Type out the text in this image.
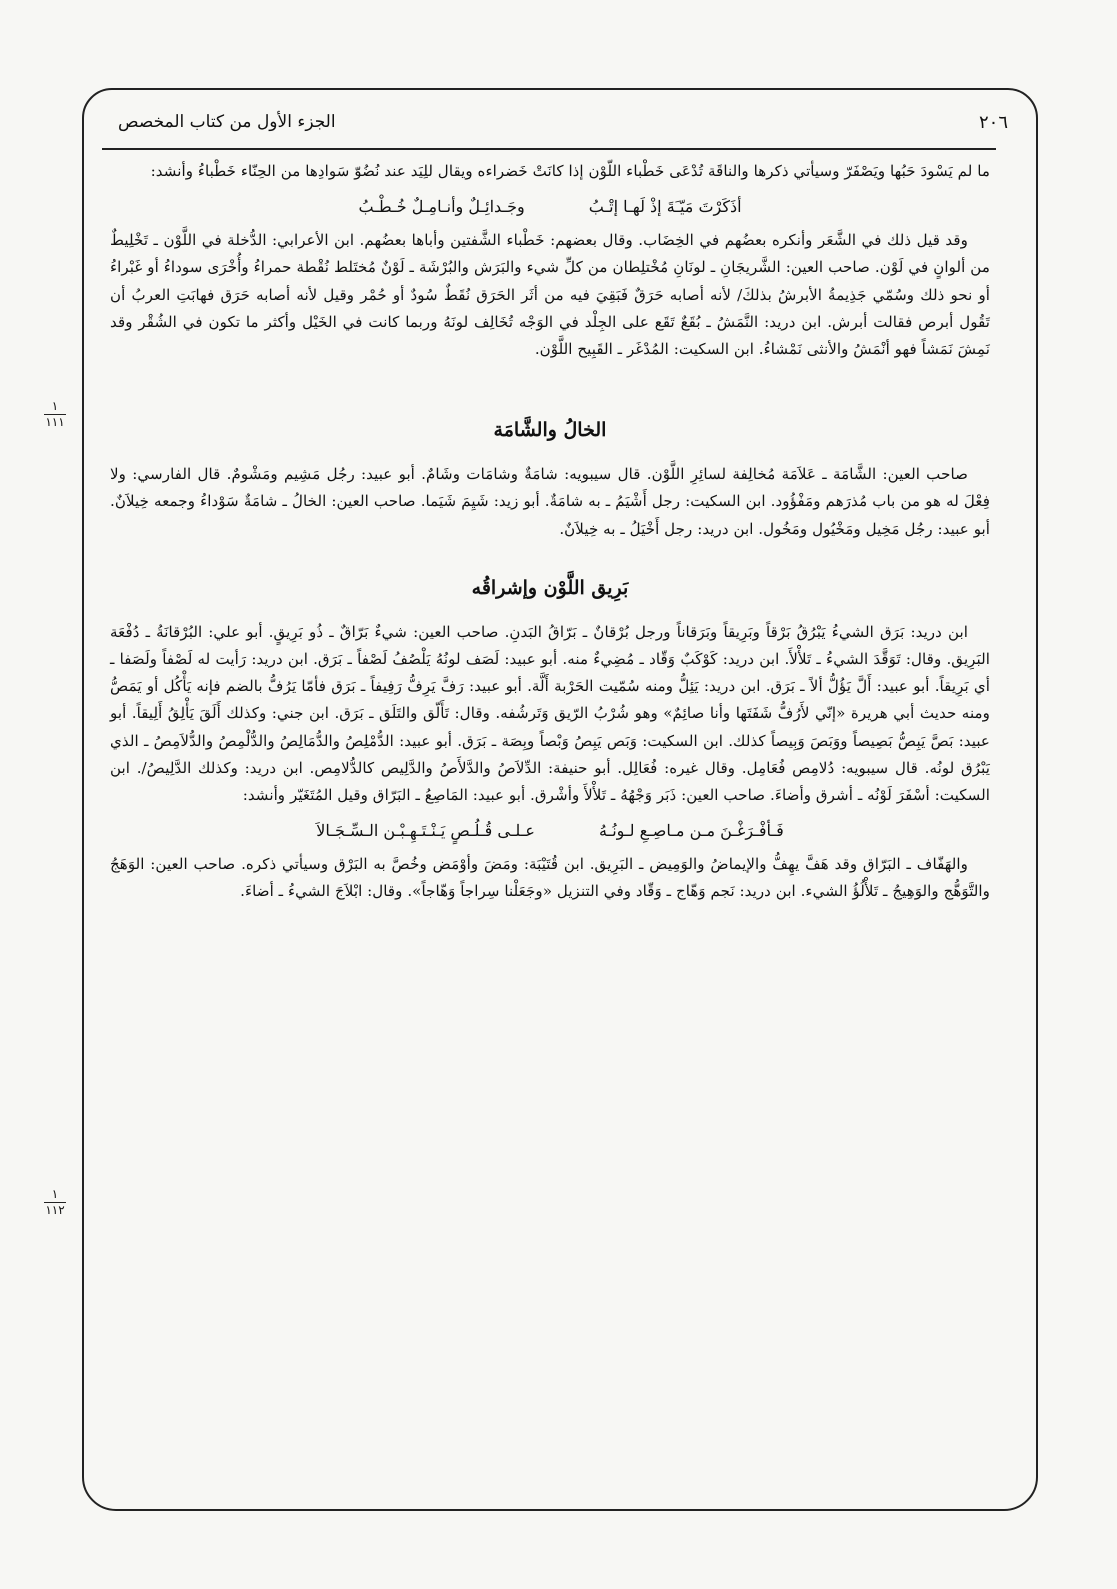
٢٠٦
الجزء الأول من كتاب المخصص

ما لم يَسْودَ حَبُها ويَصْفَرّ وسيأتي ذكرها والناقَة تُدْعَى خَطْباء اللّوْن إذا كانَتْ خَضراءه ويقال للِيَد عند نُضُوّ سَوادِها من الحِنّاء خَطْباءُ وأنشد:

أذَكَرْتَ مَيّـَةَ إذْ لَهـا إتْـبُ
وجَـدائِـلٌ وأنـامِـلٌ خُـطْـبُ

وقد قيل ذلك في الشَّعَر وأنكره بعضُهم في الخِضَاب. وقال بعضهم: خَطْباء الشَّفتين وأباها بعضُهم. ابن الأعرابي: الدُّخلة في اللَّوْن ـ تَخْلِيطٌ من ألوانٍ في لَوْن. صاحب العين: الشَّريجَانِ ـ لونَانِ مُخْتلِطان من كلِّ شيء والبَرَش والبُرْشَة ـ لَوْنٌ مُختَلط نُقْطة حمراءُ وأُخْرَى سوداءُ أو غَبْراءُ أو نحو ذلك وسُمّي جَذِيمةُ الأبرشُ بذلكَ/ لأنه أصابه حَرَقٌ فَبَقِيَ فيه من أثَر الحَرَق نُقَطٌ سُودٌ أو حُمْر وقيل لأنه أصابه حَرَق فهابَتِ العربُ أن تَقُول أبرص فقالت أبرش. ابن دريد: النَّمَشُ ـ بُقَعٌ تَقَع على الجِلْد في الوَجْه تُخَالِف لونَهُ وربما كانت في الخَيْل وأكثر ما تكون في الشُقْر وقد نَمِشَ نَمَشاً فهو أنْمَشُ والأنثى نَمْشاءُ. ابن السكيت: المُدْغَر ـ القَبِيح اللَّوْن.

الخالُ والشَّامَة

صاحب العين: الشَّامَة ـ عَلاَمَة مُخالِفة لسائِرِ اللَّوْن. قال سيبويه: شامَةٌ وشامَات وشَامٌ. أبو عبيد: رجُل مَشِيم ومَشْومٌ. قال الفارسي: ولا فِعْلَ له هو من باب مُذرَهم ومَفْؤُود. ابن السكيت: رجل أَشْيَمُ ـ به شامَةٌ. أبو زيد: شَيِمَ شَيَما. صاحب العين: الخالُ ـ شامَةٌ سَوْداءُ وجمعه خِيلاَنٌ. أبو عبيد: رجُل مَخِيل ومَخْيُول ومَخُول. ابن دريد: رجل أَخْيَلُ ـ به خِيلاَنٌ.

بَرِيق اللَّوْن وإشراقُه

ابن دريد: بَرَق الشيءُ يَبْرُقُ بَرْقاً وبَرِيقاً وبَرَقاناً ورجل بُرْقانٌ ـ بَرّاقُ البَدنِ. صاحب العين: شيءٌ بَرّاقٌ ـ ذُو بَرِيقٍ. أبو علي: البُرْقانَةُ ـ دُفْعَة البَرِيق. وقال: تَوَقَّدَ الشيءُ ـ تَلأْلأَ. ابن دريد: كَوْكَبٌ وَقّاد ـ مُضِيءٌ منه. أبو عبيد: لَصَف لونُهُ يَلْصُفُ لَصْفاً ـ بَرَق. ابن دريد: رَأيت له لَصْفاً ولَصَفا ـ أي بَرِيقاً. أبو عبيد: أَلَّ يَؤُلُّ ألاً ـ بَرَق. ابن دريد: يَئِلُّ ومنه سُمّيت الحَرْبة أَلَّة. أبو عبيد: رَفَّ يَرِفُّ رَفِيفاً ـ بَرَق فأمّا يَرُفُّ بالضم فإنه يَأْكُل أو يَمَصُّ ومنه حديث أبي هريرة «إنّي لأَرُفُّ شَفَتَها وأنا صائِمٌ» وهو شُرْبُ الرّيق وَتَرشُفه. وقال: تَأَلّق والتَلَق ـ بَرَق. ابن جني: وكذلك أَلَقَ يَأْلِقُ أَلِيقاً. أبو عبيد: بَصَّ يَبِصُّ بَصِيصاً ووَبَصَ وَبِيصاً كذلك. ابن السكيت: وَبَص يَبِصُ وَبْصاً وبِصَة ـ بَرَق. أبو عبيد: الدُّمْلِصُ والدُّمَالِصُ والدُّلْمِصُ والدُّلاَمِصُ ـ الذي يَبْرُق لونُه. قال سيبويه: دُلامِص فُعَامِل. وقال غيره: فُعَالِل. أبو حنيفة: الدِّلاَصُ والدَّلأَصُ والدَّلِيص كالدُّلامِص. ابن دريد: وكذلك الدَّلِيصُ/. ابن السكيت: أسْفَرَ لَوْنُه ـ أشرق وأضاءَ. صاحب العين: ذَبَر وَجْهُهُ ـ تَلأْلأَ وأشْرق. أبو عبيد: المَاصِعُ ـ البَرّاق وقيل المُتَغَيّر وأنشد:

فَـأفْـرَغْـنَ مـن مـاصِـعِ لـونُـهُ
عـلـى قُـلُـصٍ يَـنْـتَـهِـبْـن الـسِّـجَـالاَ

والهَفّاف ـ البَرّاق وقد هَفَّ يهِفُّ والإيماضُ والوَمِيض ـ البَرِيق. ابن قُتَيْبَة: ومَضَ وأوْمَض وخُصَّ به البَرْق وسيأتي ذكره. صاحب العين: الوَهَجُ والتَّوَهُّج والوَهِيجُ ـ تَلأْلُؤُ الشيء. ابن دريد: نَجم وَهّاج ـ وَقّاد وفي التنزيل «وجَعَلْنا سِراجاً وَهّاجاً». وقال: ابْلاَجَ الشيءُ ـ أضاءَ.

١
١١١
١
١١٢
